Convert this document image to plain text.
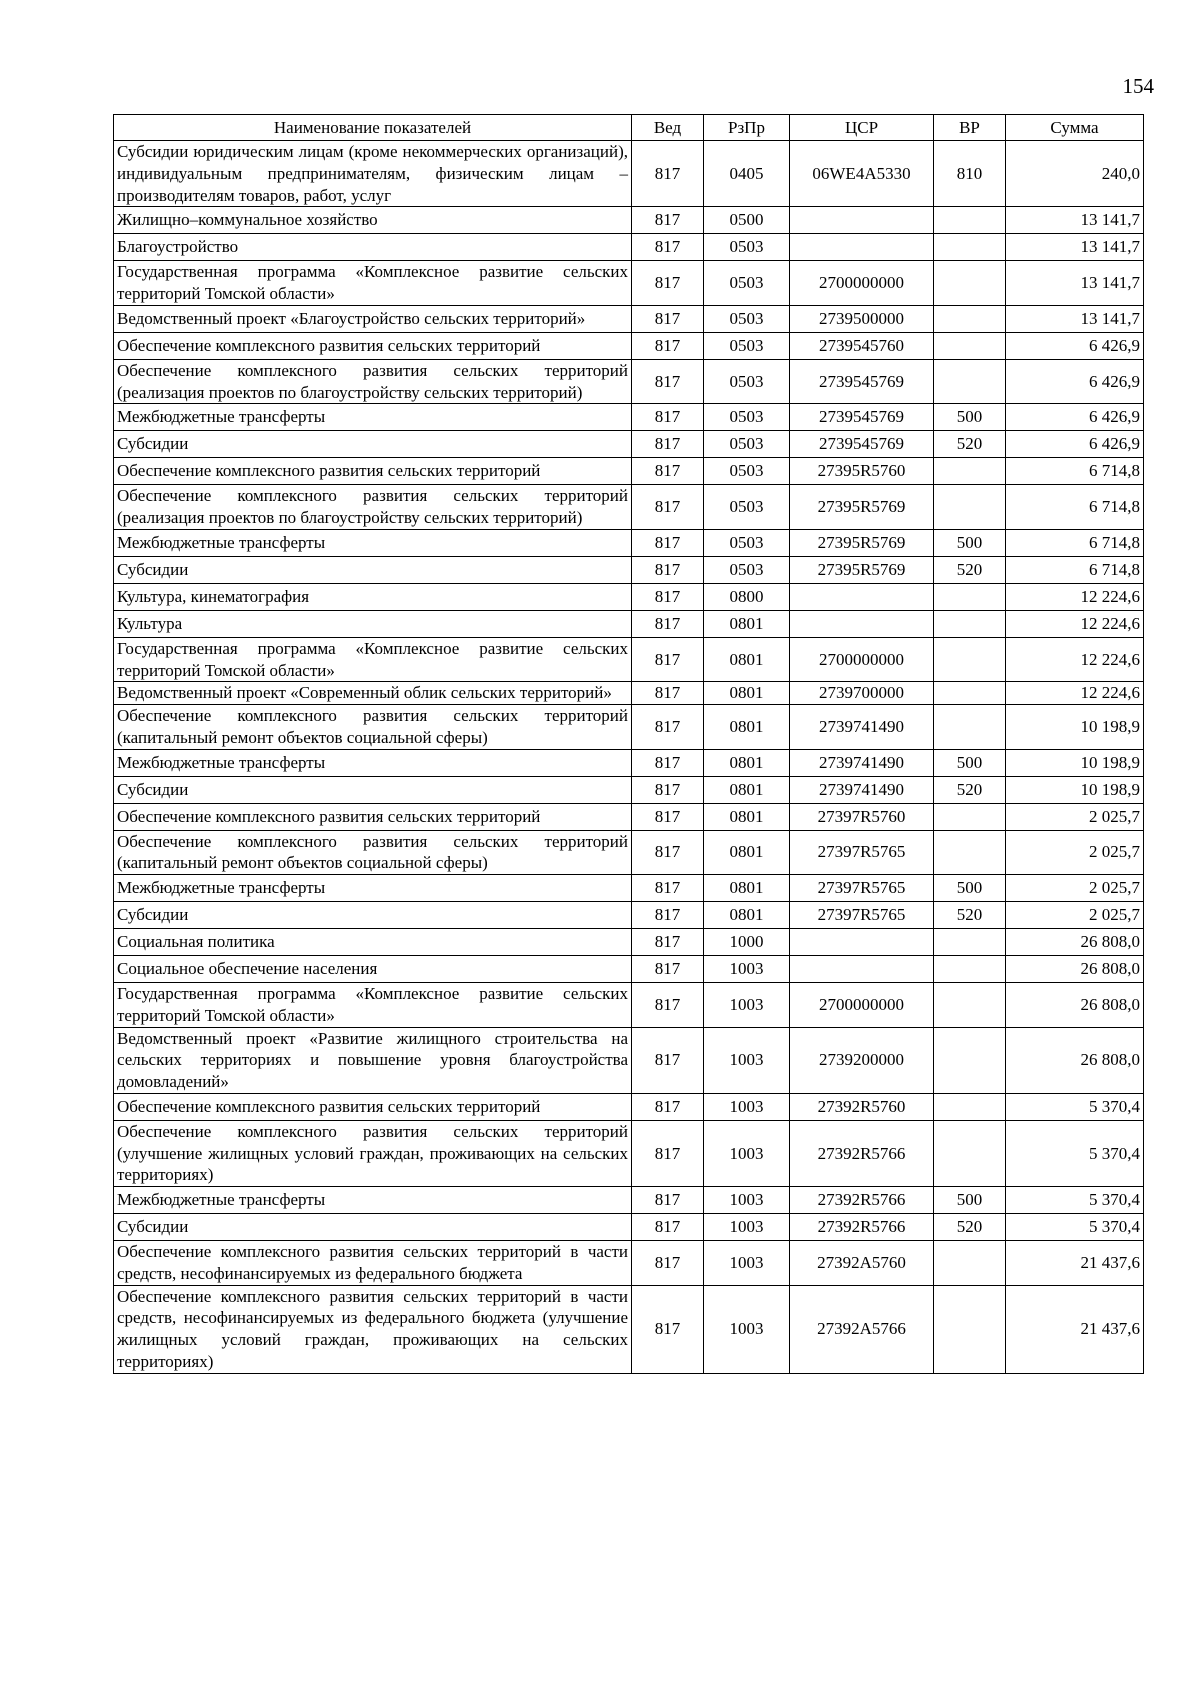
154
Наименование показателей	Вед	РзПр	ЦСР	ВР	Сумма
Субсидии юридическим лицам (кроме некоммерческих организаций), индивидуальным предпринимателям, физическим лицам – производителям товаров, работ, услуг	817	0405	06WE4A5330	810	240,0
Жилищно–коммунальное хозяйство	817	0500			13 141,7
Благоустройство	817	0503			13 141,7
Государственная программа «Комплексное развитие сельских территорий Томской области»	817	0503	2700000000		13 141,7
Ведомственный проект «Благоустройство сельских территорий»	817	0503	2739500000		13 141,7
Обеспечение комплексного развития сельских территорий	817	0503	2739545760		6 426,9
Обеспечение комплексного развития сельских территорий (реализация проектов по благоустройству сельских территорий)	817	0503	2739545769		6 426,9
Межбюджетные трансферты	817	0503	2739545769	500	6 426,9
Субсидии	817	0503	2739545769	520	6 426,9
Обеспечение комплексного развития сельских территорий	817	0503	27395R5760		6 714,8
Обеспечение комплексного развития сельских территорий (реализация проектов по благоустройству сельских территорий)	817	0503	27395R5769		6 714,8
Межбюджетные трансферты	817	0503	27395R5769	500	6 714,8
Субсидии	817	0503	27395R5769	520	6 714,8
Культура, кинематография	817	0800			12 224,6
Культура	817	0801			12 224,6
Государственная программа «Комплексное развитие сельских территорий Томской области»	817	0801	2700000000		12 224,6
Ведомственный проект «Современный облик сельских территорий»	817	0801	2739700000		12 224,6
Обеспечение комплексного развития сельских территорий (капитальный ремонт объектов социальной сферы)	817	0801	2739741490		10 198,9
Межбюджетные трансферты	817	0801	2739741490	500	10 198,9
Субсидии	817	0801	2739741490	520	10 198,9
Обеспечение комплексного развития сельских территорий	817	0801	27397R5760		2 025,7
Обеспечение комплексного развития сельских территорий (капитальный ремонт объектов социальной сферы)	817	0801	27397R5765		2 025,7
Межбюджетные трансферты	817	0801	27397R5765	500	2 025,7
Субсидии	817	0801	27397R5765	520	2 025,7
Социальная политика	817	1000			26 808,0
Социальное обеспечение населения	817	1003			26 808,0
Государственная программа «Комплексное развитие сельских территорий Томской области»	817	1003	2700000000		26 808,0
Ведомственный проект «Развитие жилищного строительства на сельских территориях и повышение уровня благоустройства домовладений»	817	1003	2739200000		26 808,0
Обеспечение комплексного развития сельских территорий	817	1003	27392R5760		5 370,4
Обеспечение комплексного развития сельских территорий (улучшение жилищных условий граждан, проживающих на сельских территориях)	817	1003	27392R5766		5 370,4
Межбюджетные трансферты	817	1003	27392R5766	500	5 370,4
Субсидии	817	1003	27392R5766	520	5 370,4
Обеспечение комплексного развития сельских территорий в части средств, несофинансируемых из федерального бюджета	817	1003	27392A5760		21 437,6
Обеспечение комплексного развития сельских территорий в части средств, несофинансируемых из федерального бюджета (улучшение жилищных условий граждан, проживающих на сельских территориях)	817	1003	27392A5766		21 437,6
